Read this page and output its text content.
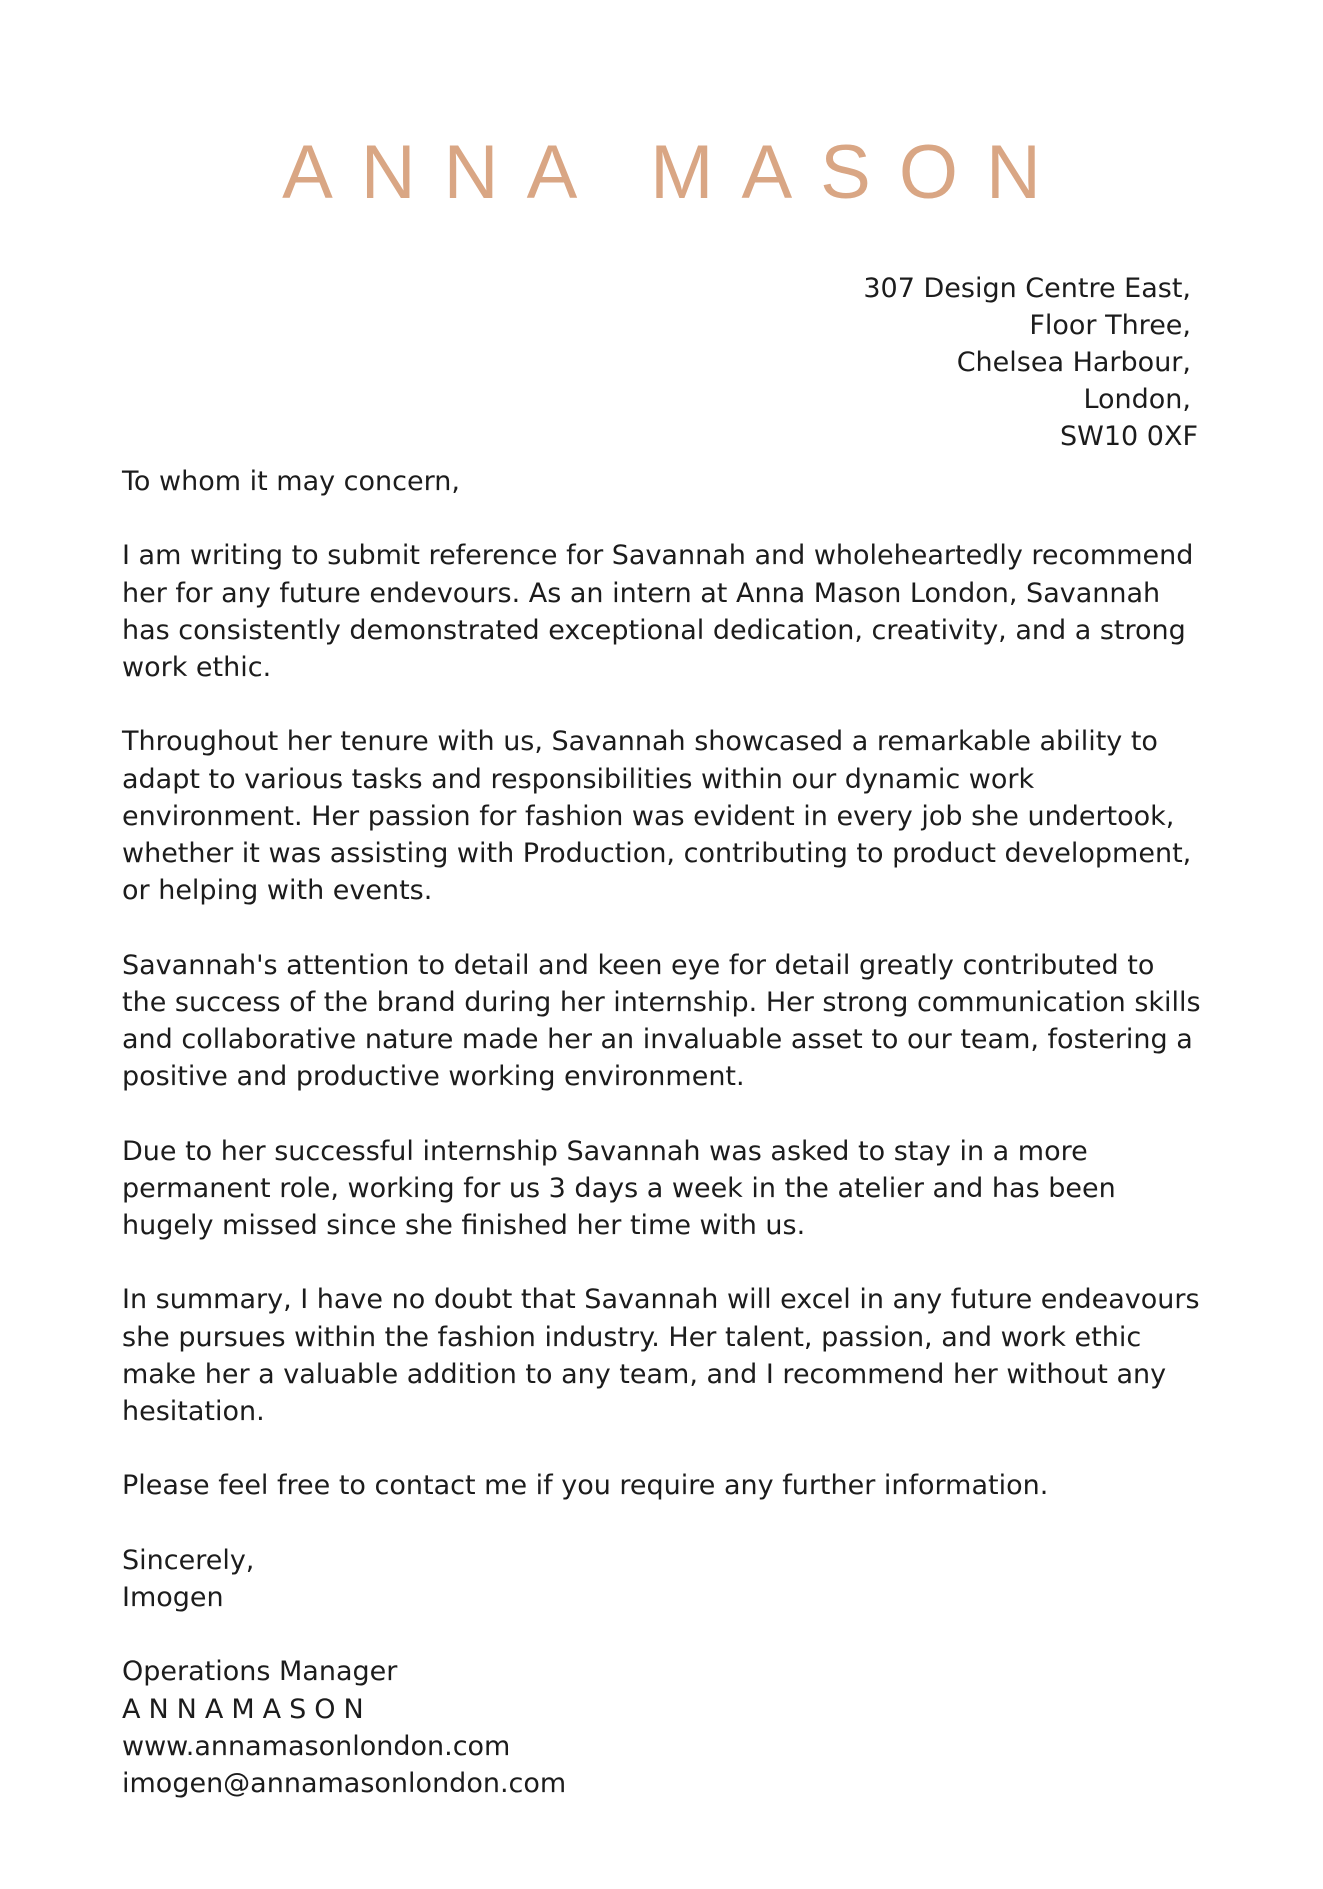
ANNA MASON
307 Design Centre East,
Floor Three,
Chelsea Harbour,
London,
SW10 0XF

To whom it may concern,

I am writing to submit reference for Savannah and wholeheartedly recommend her for any future endevours. As an intern at Anna Mason London, Savannah has consistently demonstrated exceptional dedication, creativity, and a strong work ethic.

Throughout her tenure with us, Savannah showcased a remarkable ability to adapt to various tasks and responsibilities within our dynamic work environment. Her passion for fashion was evident in every job she undertook, whether it was assisting with Production, contributing to product development, or helping with events.

Savannah's attention to detail and keen eye for detail greatly contributed to the success of the brand during her internship. Her strong communication skills and collaborative nature made her an invaluable asset to our team, fostering a positive and productive working environment.

Due to her successful internship Savannah was asked to stay in a more permanent role, working for us 3 days a week in the atelier and has been hugely missed since she finished her time with us.

In summary, I have no doubt that Savannah will excel in any future endeavours she pursues within the fashion industry. Her talent, passion, and work ethic make her a valuable addition to any team, and I recommend her without any hesitation.

Please feel free to contact me if you require any further information.

Sincerely,

Imogen

Operations Manager

ANNAMASON

www.annamasonlondon.com

imogen@annamasonlondon.com
